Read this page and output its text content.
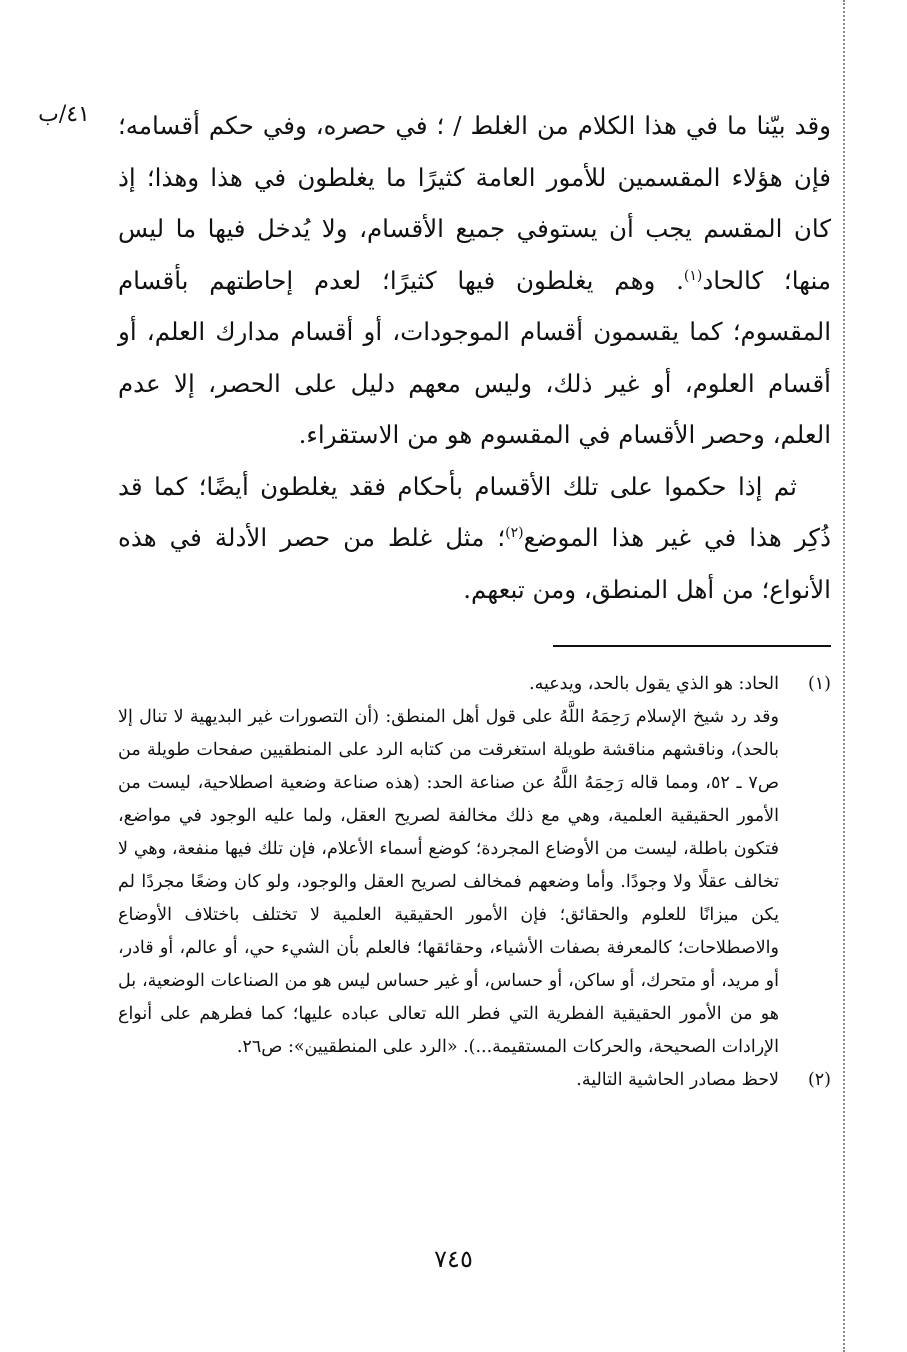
٤١/ب وقد بيّنا ما في هذا الكلام من الغلط / ؛ في حصره، وفي حكم أقسامه؛ فإن هؤلاء المقسمين للأمور العامة كثيرًا ما يغلطون في هذا وهذا؛ إذ كان المقسم يجب أن يستوفي جميع الأقسام، ولا يُدخل فيها ما ليس منها؛ كالحاد$^{(١)}$. وهم يغلطون فيها كثيرًا؛ لعدم إحاطتهم بأقسام المقسوم؛ كما يقسمون أقسام الموجودات، أو أقسام مدارك العلم، أو أقسام العلوم، أو غير ذلك، وليس معهم دليل على الحصر، إلا عدم العلم، وحصر الأقسام في المقسوم هو من الاستقراء.

ثم إذا حكموا على تلك الأقسام بأحكام فقد يغلطون أيضًا؛ كما قد ذُكِر هذا في غير هذا الموضع$^{(٢)}$؛ مثل غلط من حصر الأدلة في هذه الأنواع؛ من أهل المنطق، ومن تبعهم.

(١)

الحاد: هو الذي يقول بالحد، ويدعيه.

وقد رد شيخ الإسلام رَحِمَهُ اللَّهُ على قول أهل المنطق: (أن التصورات غير البديهية لا تنال إلا بالحد)، وناقشهم مناقشة طويلة استغرقت من كتابه الرد على المنطقيين صفحات طويلة من ص٧ ـ ٥٢، ومما قاله رَحِمَهُ اللَّهُ عن صناعة الحد: (هذه صناعة وضعية اصطلاحية، ليست من الأمور الحقيقية العلمية، وهي مع ذلك مخالفة لصريح العقل، ولما عليه الوجود في مواضع، فتكون باطلة، ليست من الأوضاع المجردة؛ كوضع أسماء الأعلام، فإن تلك فيها منفعة، وهي لا تخالف عقلًا ولا وجودًا. وأما وضعهم فمخالف لصريح العقل والوجود، ولو كان وضعًا مجردًا لم يكن ميزانًا للعلوم والحقائق؛ فإن الأمور الحقيقية العلمية لا تختلف باختلاف الأوضاع والاصطلاحات؛ كالمعرفة بصفات الأشياء، وحقائقها؛ فالعلم بأن الشيء حي، أو عالم، أو قادر، أو مريد، أو متحرك، أو ساكن، أو حساس، أو غير حساس ليس هو من الصناعات الوضعية، بل هو من الأمور الحقيقية الفطرية التي فطر الله تعالى عباده عليها؛ كما فطرهم على أنواع الإرادات الصحيحة، والحركات المستقيمة...). «الرد على المنطقيين»: ص٢٦.

(٢)

لاحظ مصادر الحاشية التالية.

٧٤٥
